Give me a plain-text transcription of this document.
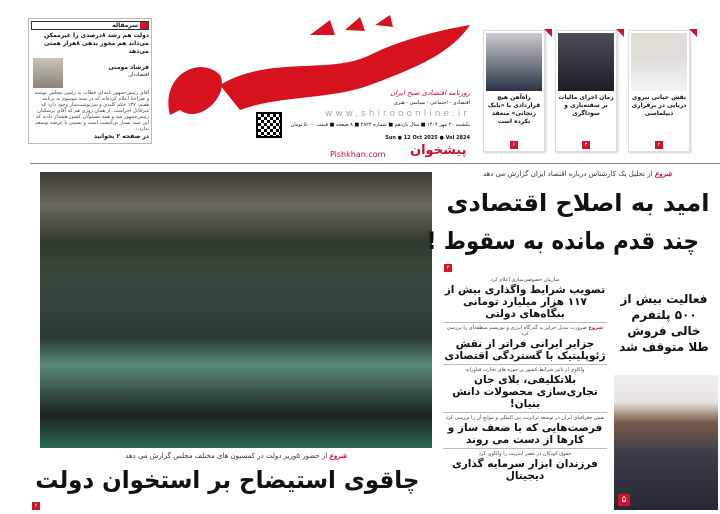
سرمقاله
دولت هم رشد ۸درصدی را غیرممکن می‌داند هم مجوز بدهی ۸هزار همتی می‌دهد
فرشاد مومنی
اقتصاددان
آقای رئیس‌جمهور نامه‌ای خطاب به رئیس مجلس نوشته و صراحتا اعلام کرده‌اند که در سند موسوم به برنامه هفتم، ۱۳۷ حکم کلیدی و سرنوشت‌ساز وجود دارد که غیرقابل اجراست. از همان روزی هم که آقای پزشکیان رئیس‌جمهور شد و همه مسئولان کشور هشدار دادند که این سند بسیار بی‌کیفیت است و نسبتی با عرصه توسعه ندارد...
در صفحه ۲ بخوانید
روزنامه اقتصادی صبح ایران
اقتصادی - اجتماعی - سیاسی - هنری
www.shirooonline.ir
یکشنبه ۲۰ مهر ۱۴۰۴ ■ سال یازدهم ■ شماره ۲۸۲۴ ■ ۸ صفحه ■ قیمت ۵۰۰۰ تومان
Sun ● 12 Oct 2025 ● Vol 2824
پیشخوان
Pishkhan.com
نقش حیاتی نیروی دریایی در برقراری دیپلماسی
۲
زمان اجرای مالیات بر سفته‌بازی و سوداگری
۳
راه‌آهن هیچ قراردادی با «بابک زنجانی» منعقد نکرده است
۶
شروع از حضور ۵وزیر دولت در کمسیون های مختلف مجلس گزارش می دهد
چاقوی استیضاح بر استخوان دولت
۲
شروع از تحلیل یک کارشناس درباره اقتصاد ایران گزارش می دهد
امید به اصلاح اقتصادی
چند قدم مانده به سقوط !
۳
سازمان خصوصی‌سازی اعلام کرد
تصویب شرایط واگذاری بیش از ۱۱۷ هزار میلیارد تومانی بنگاه‌های دولتی
شروع ضرورت تبدیل جزایر به گذرگاه انرژی و توریسم منطقه‌ای را بررسی کرد
جزایر ایرانی فراتر از نقش ژئوپلیتیک با گستردگی اقتصادی
واکاوی از تاثیر شرایط کشور بر حوزه های تجارت فناورانه
بلاتکلیفی، بلای جان تجاری‌سازی محصولات دانش بنیان!
نقش جغرافیای ایران در توسعه ترانزیت بین المللی و موانع آن را بررسی کرد
فرصت‌هایی که با ضعف ساز و کارها از دست می روند
حقوق کودکان در عصر اینترنت را واکاوی کرد
فرزندان ابزار سرمایه گذاری دیجیتال
فعالیت بیش از ۵۰۰ پلتفرم خالی فروش طلا متوقف شد
۵
